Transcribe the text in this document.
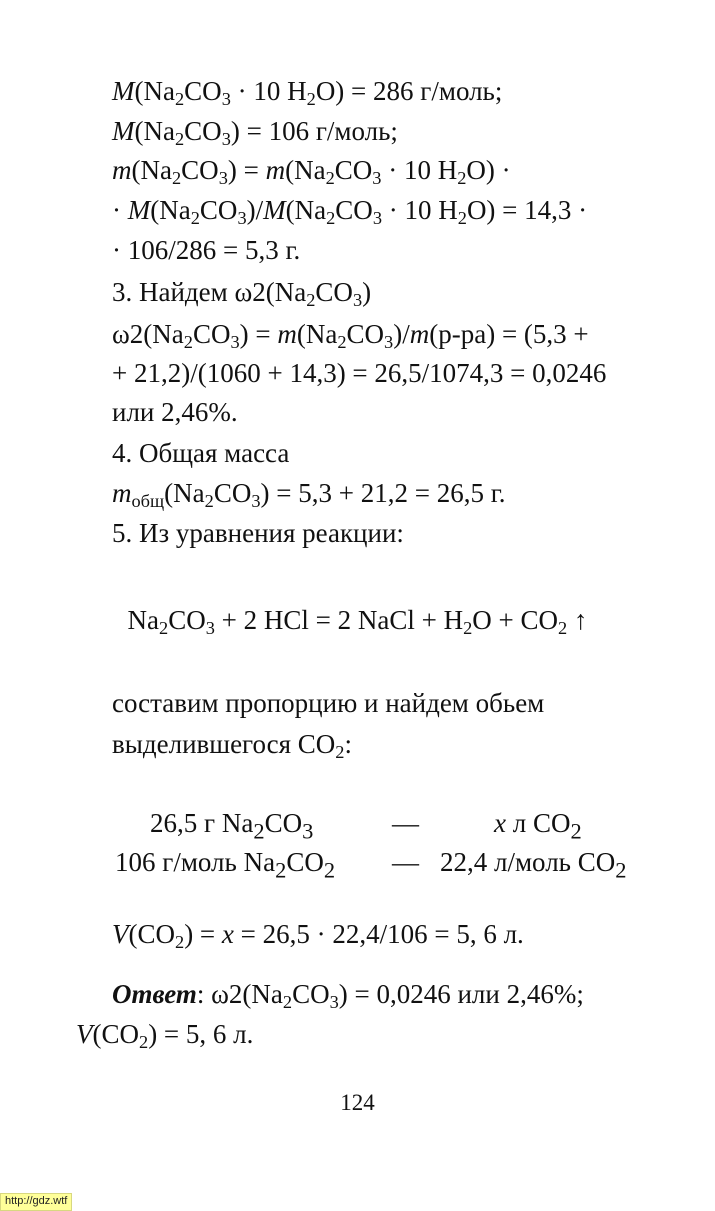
$M(Na_2CO_3 \cdot 10$ $H_2O) = 286$ г/моль;
$M(Na_2CO_3) = 106$ г/моль;
$m(Na_2CO_3) = m(Na_2CO_3 \cdot 10$ $H_2O$) ·
· $M(Na_2CO_3)/M(Na_2CO_3 \cdot 10$ $H_2O) = 14,3$ ·
· 106/286 = 5,3 г.
3. Найдем $\omega 2(Na_2CO_3)$
$\omega 2(Na_2CO_3) = m(Na_2CO_3)/m(р-ра) = (5,3$ +
+ 21,2)/(1060 + 14,3) = 26,5/1074,3 = 0,0246
или 2,46%.
4. Общая масса
$m_{общ}(Na_2CO_3) = 5,3 + 21,2 = 26,5$ г.
5. Из уравнения реакции:
$Na_2CO_3 + 2$ HCl = 2 NaCl + $H_2O + CO_2$ ↑
составим пропорцию и найдем обьем
выделившегося $CO_2$:
26,5 г $Na_2CO_3$	—	x л $CO_2$
106 г/моль $Na_2CO_2$ — 22,4 л/моль $CO_2$
$V(CO_2) = x = 26,5 \cdot 22,4/106 = 5$, 6 л.
Ответ: $\omega 2(Na_2CO_3) = 0,0246$ или 2,46%;
$V(CO_2) = 5$, 6 л.
124
http://gdz.wtf
